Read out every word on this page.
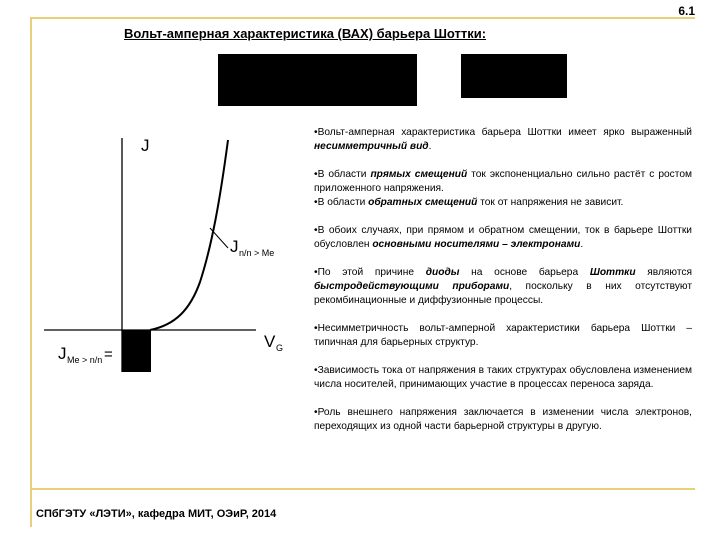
6.1
Вольт-амперная характеристика (ВАХ) барьера Шоттки:
J
J n/n > Me
V G
J Me > n/n =

•Вольт-амперная характеристика барьера Шоттки имеет ярко выраженный несимметричный вид.

•В области прямых смещений ток экспоненциально сильно растёт с ростом приложенного напряжения.

•В области обратных смещений ток от напряжения не зависит.

•В обоих случаях, при прямом и обратном смещении, ток в барьере Шоттки обусловлен основными носителями – электронами.

•По этой причине диоды на основе барьера Шоттки являются быстродействующими приборами, поскольку в них отсутствуют рекомбинационные и диффузионные процессы.

•Несимметричность вольт-амперной характеристики барьера Шоттки – типичная для барьерных структур.

•Зависимость тока от напряжения в таких структурах обусловлена изменением числа носителей, принимающих участие в процессах переноса заряда.

•Роль внешнего напряжения заключается в изменении числа электронов, переходящих из одной части барьерной структуры в другую.

СПбГЭТУ «ЛЭТИ», кафедра МИТ, ОЭиР, 2014
